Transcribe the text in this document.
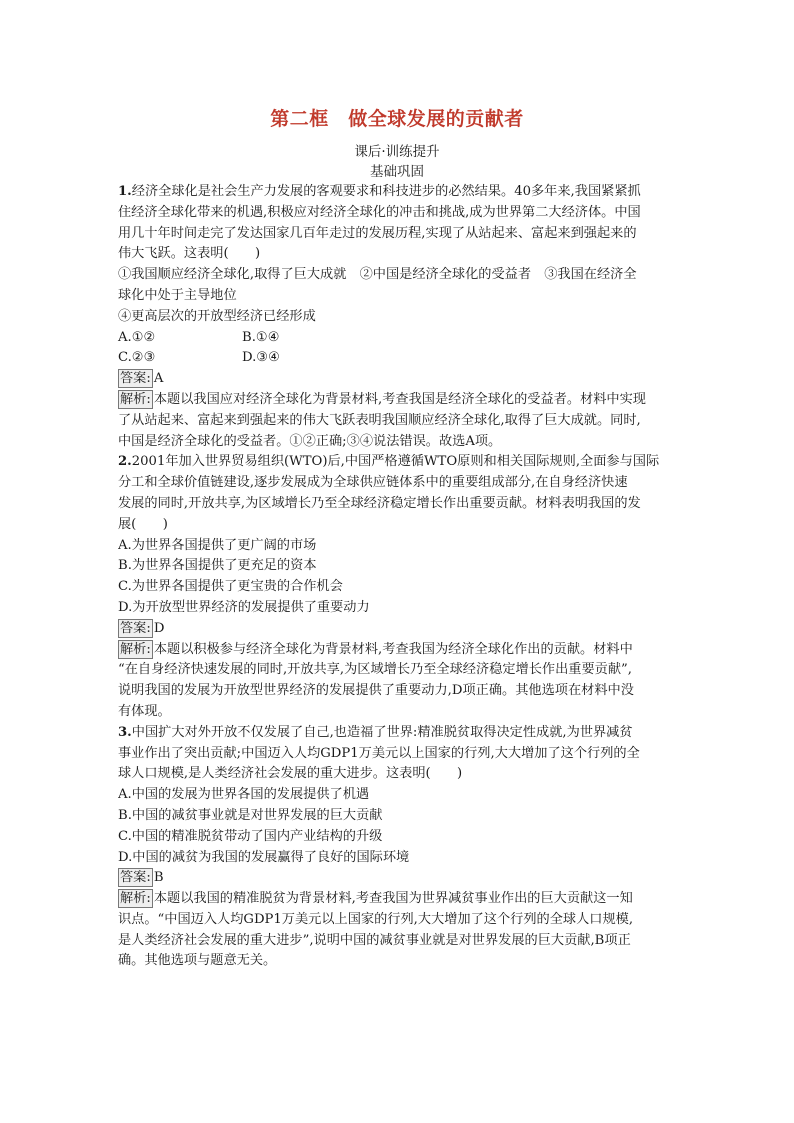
第二框　做全球发展的贡献者
课后·训练提升
基础巩固
1.经济全球化是社会生产力发展的客观要求和科技进步的必然结果。40多年来,我国紧紧抓
住经济全球化带来的机遇,积极应对经济全球化的冲击和挑战,成为世界第二大经济体。中国
用几十年时间走完了发达国家几百年走过的发展历程,实现了从站起来、富起来到强起来的
伟大飞跃。这表明(　　)
①我国顺应经济全球化,取得了巨大成就　②中国是经济全球化的受益者　③我国在经济全
球化中处于主导地位
④更高层次的开放型经济已经形成
A.①②	B.①④
C.②③	D.③④
答案: A
解析: 本题以我国应对经济全球化为背景材料,考查我国是经济全球化的受益者。材料中实现
了从站起来、富起来到强起来的伟大飞跃表明我国顺应经济全球化,取得了巨大成就。同时,
中国是经济全球化的受益者。①②正确;③④说法错误。故选A项。
2.2001年加入世界贸易组织(WTO)后,中国严格遵循WTO原则和相关国际规则,全面参与国际
分工和全球价值链建设,逐步发展成为全球供应链体系中的重要组成部分,在自身经济快速
发展的同时,开放共享,为区域增长乃至全球经济稳定增长作出重要贡献。材料表明我国的发
展(　　)
A.为世界各国提供了更广阔的市场
B.为世界各国提供了更充足的资本
C.为世界各国提供了更宝贵的合作机会
D.为开放型世界经济的发展提供了重要动力
答案: D
解析: 本题以积极参与经济全球化为背景材料,考查我国为经济全球化作出的贡献。材料中
“在自身经济快速发展的同时,开放共享,为区域增长乃至全球经济稳定增长作出重要贡献”,
说明我国的发展为开放型世界经济的发展提供了重要动力,D项正确。其他选项在材料中没
有体现。
3.中国扩大对外开放不仅发展了自己,也造福了世界:精准脱贫取得决定性成就,为世界减贫
事业作出了突出贡献;中国迈入人均GDP1万美元以上国家的行列,大大增加了这个行列的全
球人口规模,是人类经济社会发展的重大进步。这表明(　　)
A.中国的发展为世界各国的发展提供了机遇
B.中国的减贫事业就是对世界发展的巨大贡献
C.中国的精准脱贫带动了国内产业结构的升级
D.中国的减贫为我国的发展赢得了良好的国际环境
答案: B
解析: 本题以我国的精准脱贫为背景材料,考查我国为世界减贫事业作出的巨大贡献这一知
识点。“中国迈入人均GDP1万美元以上国家的行列,大大增加了这个行列的全球人口规模,
是人类经济社会发展的重大进步”,说明中国的减贫事业就是对世界发展的巨大贡献,B项正
确。其他选项与题意无关。
